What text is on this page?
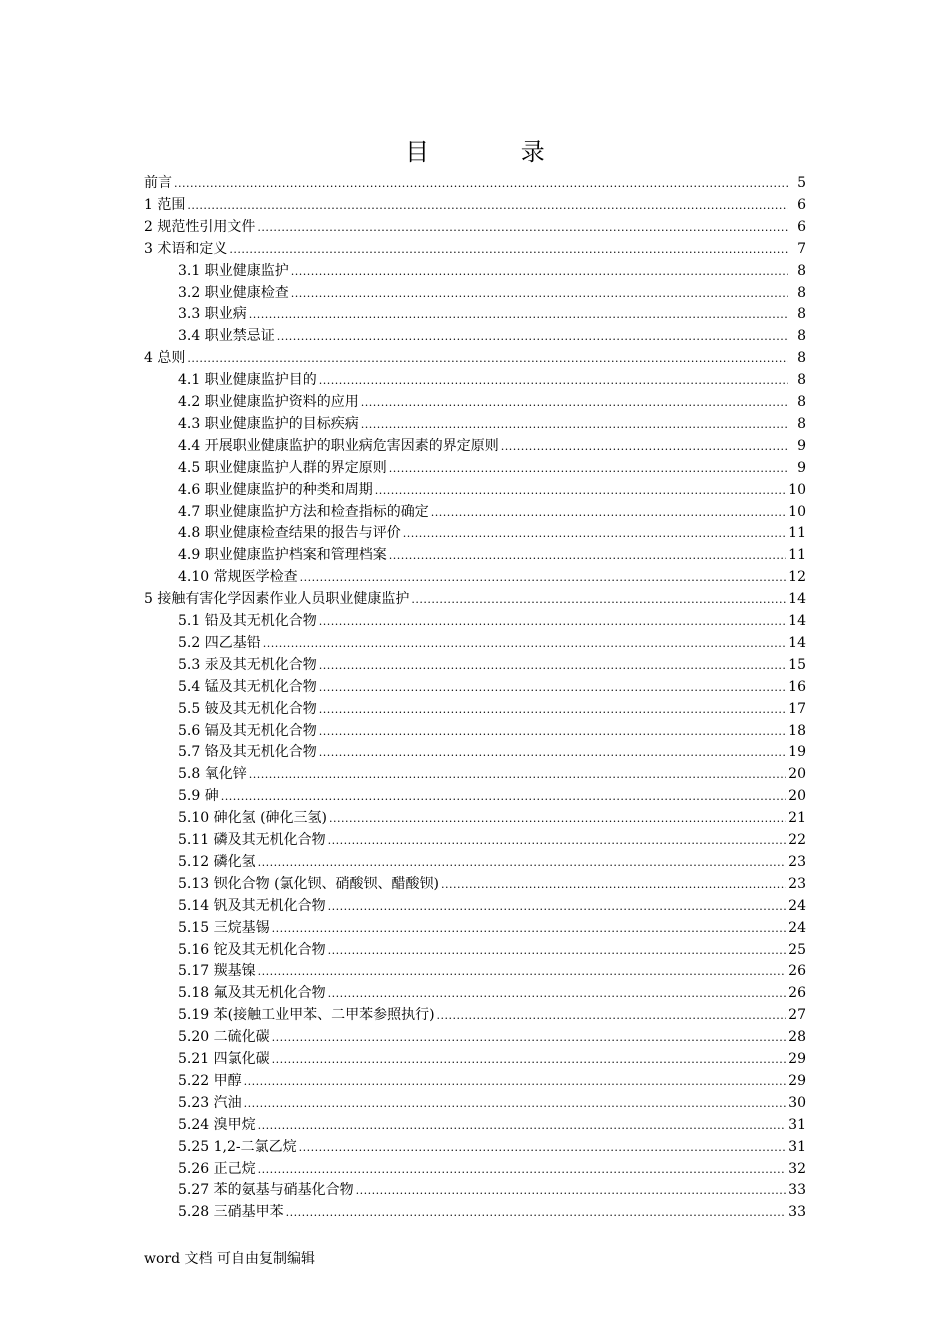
目 录
前言 .....	5
1 范围 .....	6
2 规范性引用文件 .....	6
3 术语和定义 .....	7
3.1 职业健康监护 .....	8
3.2 职业健康检查 .....	8
3.3 职业病 .....	8
3.4 职业禁忌证 .....	8
4 总则 .....	8
4.1 职业健康监护目的 .....	8
4.2 职业健康监护资料的应用 .....	8
4.3 职业健康监护的目标疾病 .....	8
4.4 开展职业健康监护的职业病危害因素的界定原则 .....	9
4.5 职业健康监护人群的界定原则 .....	9
4.6 职业健康监护的种类和周期 .....	10
4.7 职业健康监护方法和检查指标的确定 .....	10
4.8 职业健康检查结果的报告与评价 .....	11
4.9 职业健康监护档案和管理档案 .....	11
4.10 常规医学检查 .....	12
5 接触有害化学因素作业人员职业健康监护 .....	14
5.1 铅及其无机化合物 .....	14
5.2 四乙基铅 .....	14
5.3 汞及其无机化合物 .....	15
5.4 锰及其无机化合物 .....	16
5.5 铍及其无机化合物 .....	17
5.6 镉及其无机化合物 .....	18
5.7 铬及其无机化合物 .....	19
5.8 氧化锌 .....	20
5.9 砷 .....	20
5.10 砷化氢 (砷化三氢) .....	21
5.11 磷及其无机化合物 .....	22
5.12 磷化氢 .....	23
5.13 钡化合物 (氯化钡、硝酸钡、醋酸钡) .....	23
5.14 钒及其无机化合物 .....	24
5.15 三烷基锡 .....	24
5.16 铊及其无机化合物 .....	25
5.17 羰基镍 .....	26
5.18 氟及其无机化合物 .....	26
5.19 苯(接触工业甲苯、二甲苯参照执行) .....	27
5.20 二硫化碳 .....	28
5.21 四氯化碳 .....	29
5.22 甲醇 .....	29
5.23 汽油 .....	30
5.24 溴甲烷 .....	31
5.25 1,2-二氯乙烷 .....	31
5.26 正己烷 .....	32
5.27 苯的氨基与硝基化合物 .....	33
5.28 三硝基甲苯 .....	33
word 文档 可自由复制编辑
